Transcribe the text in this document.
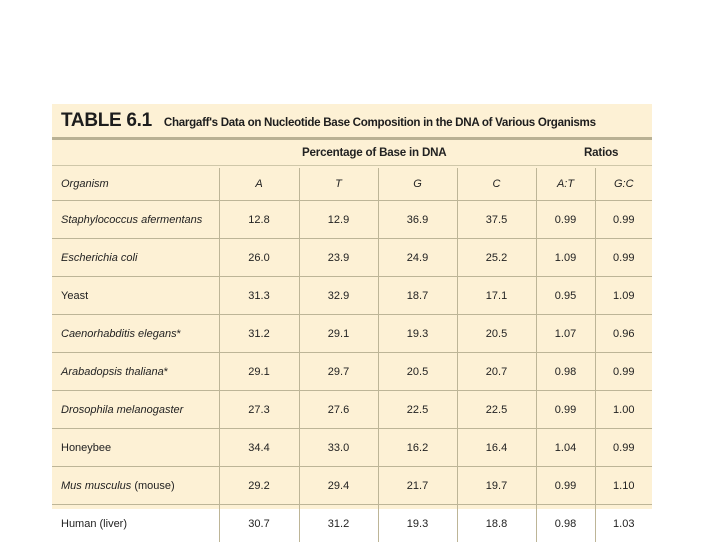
TABLE 6.1 Chargaff's Data on Nucleotide Base Composition in the DNA of Various Organisms
Percentage of Base in DNA	Ratios
Organism	A	T	G	C	A:T	G:C
Staphylococcus afermentans	12.8	12.9	36.9	37.5	0.99	0.99
Escherichia coli	26.0	23.9	24.9	25.2	1.09	0.99
Yeast	31.3	32.9	18.7	17.1	0.95	1.09
Caenorhabditis elegans*	31.2	29.1	19.3	20.5	1.07	0.96
Arabadopsis thaliana*	29.1	29.7	20.5	20.7	0.98	0.99
Drosophila melanogaster	27.3	27.6	22.5	22.5	0.99	1.00
Honeybee	34.4	33.0	16.2	16.4	1.04	0.99
Mus musculus (mouse)	29.2	29.4	21.7	19.7	0.99	1.10
Human (liver)	30.7	31.2	19.3	18.8	0.98	1.03
